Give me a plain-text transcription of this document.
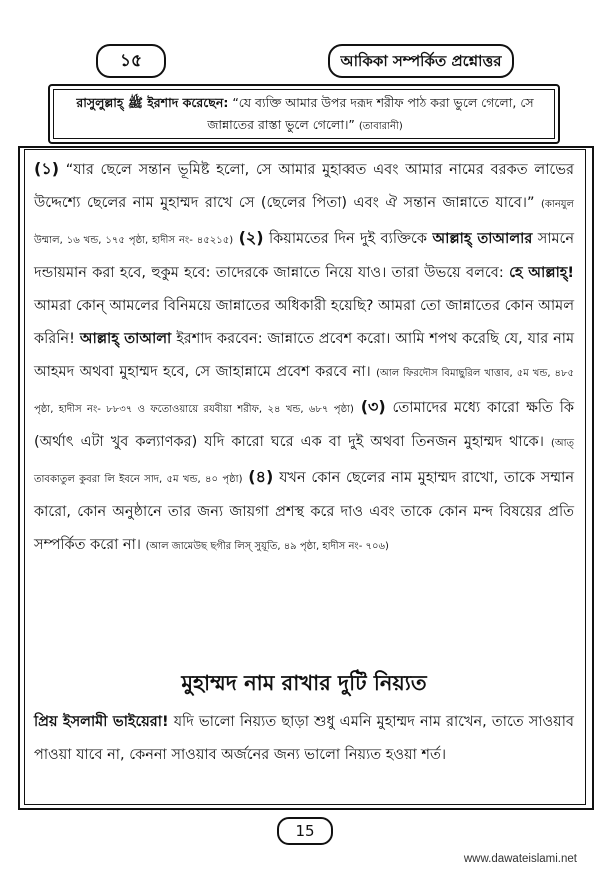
১৫	আকিকা সম্পর্কিত প্রশ্নোত্তর
রাসুলুল্লাহ্ ﷺ ইরশাদ করেছেন: “যে ব্যক্তি আমার উপর দরূদ শরীফ পাঠ করা ভুলে গেলো, সে জান্নাতের রাস্তা ভুলে গেলো।” (তাবারানী)
(১) “যার ছেলে সন্তান ভূমিষ্ট হলো, সে আমার মুহাব্বত এবং আমার নামের বরকত লাভের উদ্দেশ্যে ছেলের নাম মুহাম্মদ রাখে সে (ছেলের পিতা) এবং ঐ সন্তান জান্নাতে যাবে।” (কানযুল উম্মাল, ১৬ খন্ড, ১৭৫ পৃষ্ঠা, হাদীস নং- ৪৫২১৫) (২) কিয়ামতের দিন দুই ব্যক্তিকে আল্লাহ্ তাআলার সামনে দন্ডায়মান করা হবে, হুকুম হবে: তাদেরকে জান্নাতে নিয়ে যাও। তারা উভয়ে বলবে: হে আল্লাহ্! আমরা কোন্ আমলের বিনিময়ে জান্নাতের অধিকারী হয়েছি? আমরা তো জান্নাতের কোন আমল করিনি! আল্লাহ্ তাআলা ইরশাদ করবেন: জান্নাতে প্রবেশ করো। আমি শপথ করেছি যে, যার নাম আহমদ অথবা মুহাম্মদ হবে, সে জাহান্নামে প্রবেশ করবে না। (আল ফিরদৌস বিমাছুরিল খাত্তাব, ৫ম খন্ড, ৪৮৫ পৃষ্ঠা, হাদীস নং- ৮৮৩৭ ও ফতোওয়ায়ে রযবীয়া শরীফ, ২৪ খন্ড, ৬৮৭ পৃষ্ঠা) (৩) তোমাদের মধ্যে কারো ক্ষতি কি (অর্থাৎ এটা খুব কল্যাণকর) যদি কারো ঘরে এক বা দুই অথবা তিনজন মুহাম্মদ থাকে। (আত্ তাবকাতুল কুবরা লি ইবনে সাদ, ৫ম খন্ড, ৪০ পৃষ্ঠা) (৪) যখন কোন ছেলের নাম মুহাম্মদ রাখো, তাকে সম্মান কারো, কোন অনুষ্ঠানে তার জন্য জায়গা প্রশস্থ করে দাও এবং তাকে কোন মন্দ বিষয়ের প্রতি সম্পর্কিত করো না। (আল জামেউছ ছগীর লিস্ সুয়ূতি, ৪৯ পৃষ্ঠা, হাদীস নং- ৭০৬)
মুহাম্মদ নাম রাখার দুটি নিয়্যত
প্রিয় ইসলামী ভাইয়েরা! যদি ভালো নিয়্যত ছাড়া শুধু এমনি মুহাম্মদ নাম রাখেন, তাতে সাওয়াব পাওয়া যাবে না, কেননা সাওয়াব অর্জনের জন্য ভালো নিয়্যত হওয়া শর্ত।
15
www.dawateislami.net
